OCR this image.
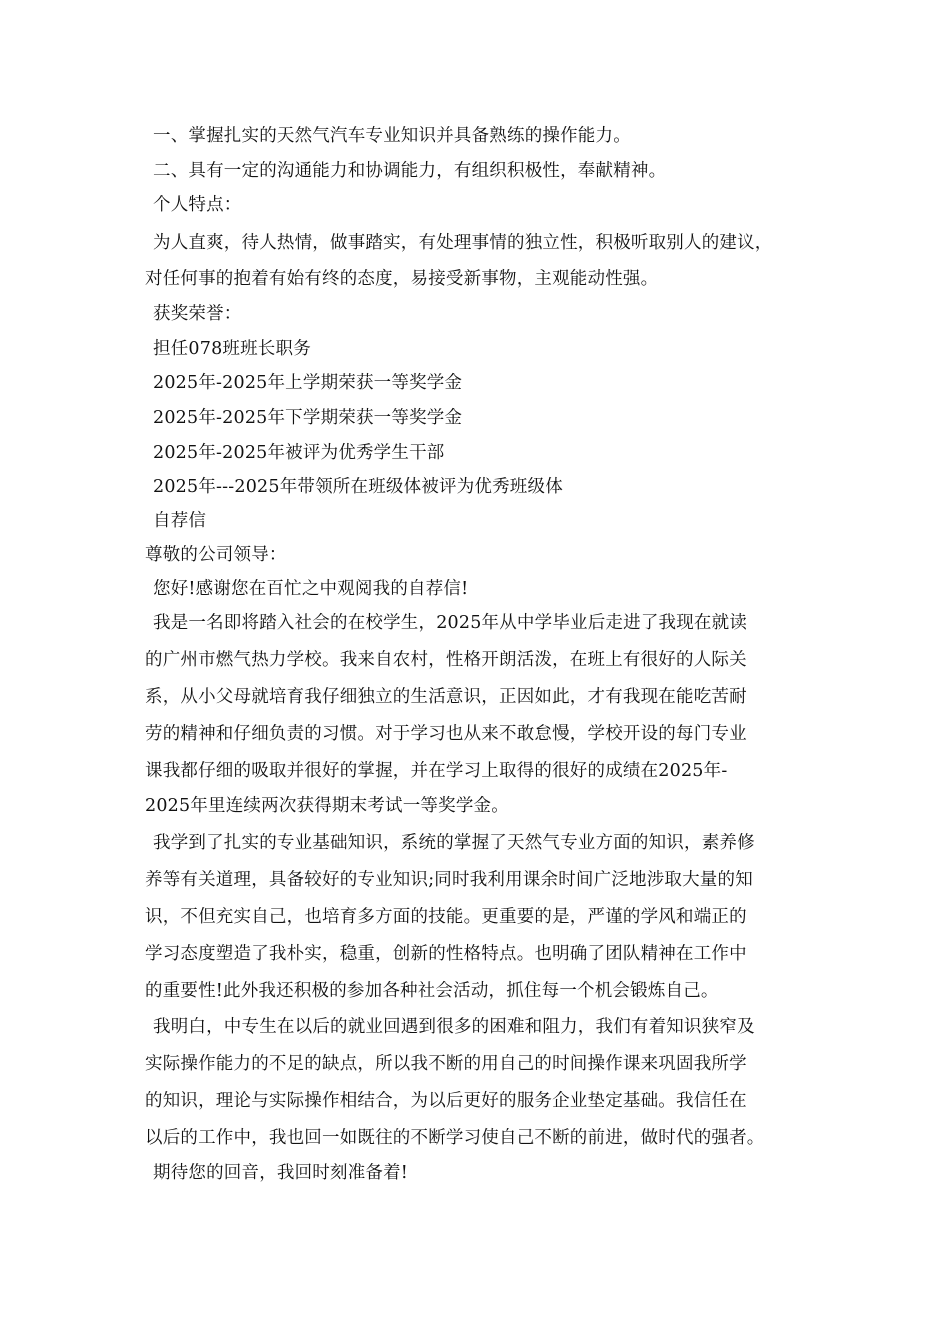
一、掌握扎实的天然气汽车专业知识并具备熟练的操作能力。
二、具有一定的沟通能力和协调能力，有组织积极性，奉献精神。
个人特点：
为人直爽，待人热情，做事踏实，有处理事情的独立性，积极听取别人的建议，
对任何事的抱着有始有终的态度，易接受新事物，主观能动性强。
获奖荣誉：
担任078班班长职务
2025年-2025年上学期荣获一等奖学金
2025年-2025年下学期荣获一等奖学金
2025年-2025年被评为优秀学生干部
2025年---2025年带领所在班级体被评为优秀班级体
自荐信
尊敬的公司领导：
您好!感谢您在百忙之中观阅我的自荐信!
我是一名即将踏入社会的在校学生，2025年从中学毕业后走进了我现在就读
的广州市燃气热力学校。我来自农村，性格开朗活泼，在班上有很好的人际关
系，从小父母就培育我仔细独立的生活意识，正因如此，才有我现在能吃苦耐
劳的精神和仔细负责的习惯。对于学习也从来不敢怠慢，学校开设的每门专业
课我都仔细的吸取并很好的掌握，并在学习上取得的很好的成绩在2025年-
2025年里连续两次获得期末考试一等奖学金。
我学到了扎实的专业基础知识，系统的掌握了天然气专业方面的知识，素养修
养等有关道理，具备较好的专业知识;同时我利用课余时间广泛地涉取大量的知
识，不但充实自己，也培育多方面的技能。更重要的是，严谨的学风和端正的
学习态度塑造了我朴实，稳重，创新的性格特点。也明确了团队精神在工作中
的重要性!此外我还积极的参加各种社会活动，抓住每一个机会锻炼自己。
我明白，中专生在以后的就业回遇到很多的困难和阻力，我们有着知识狭窄及
实际操作能力的不足的缺点，所以我不断的用自己的时间操作课来巩固我所学
的知识，理论与实际操作相结合，为以后更好的服务企业垫定基础。我信任在
以后的工作中，我也回一如既往的不断学习使自己不断的前进，做时代的强者。
期待您的回音，我回时刻准备着!
